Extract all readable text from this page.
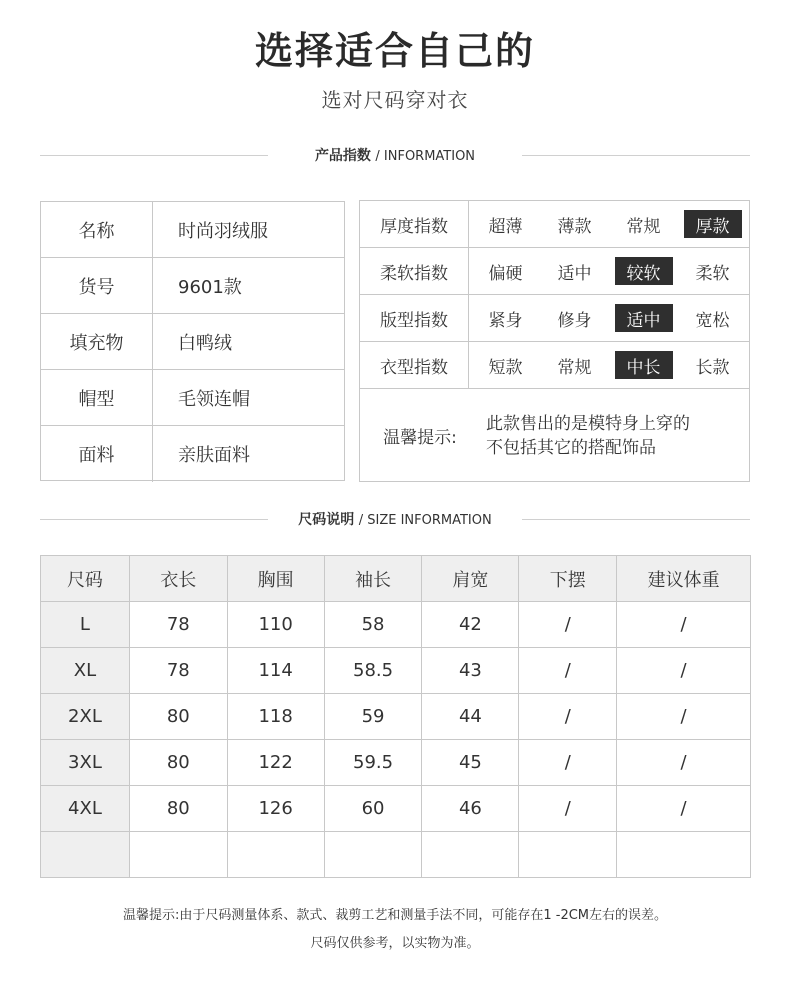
选择适合自己的
选对尺码穿对衣
产品指数 / INFORMATION
名称	时尚羽绒服
货号	9601款
填充物	白鸭绒
帽型	毛领连帽
面料	亲肤面料
厚度指数	超薄	薄款	常规	厚款
柔软指数	偏硬	适中	较软	柔软
版型指数	紧身	修身	适中	宽松
衣型指数	短款	常规	中长	长款
温馨提示:
此款售出的是模特身上穿的
不包括其它的搭配饰品
尺码说明 / SIZE INFORMATION
尺码	衣长	胸围	袖长	肩宽	下摆	建议体重
L	78	110	58	42	/	/
XL	78	114	58.5	43	/	/
2XL	80	118	59	44	/	/
3XL	80	122	59.5	45	/	/
4XL	80	126	60	46	/	/

温馨提示:由于尺码测量体系、款式、裁剪工艺和测量手法不同，可能存在1 -2CM左右的误差。
尺码仅供参考，以实物为准。
